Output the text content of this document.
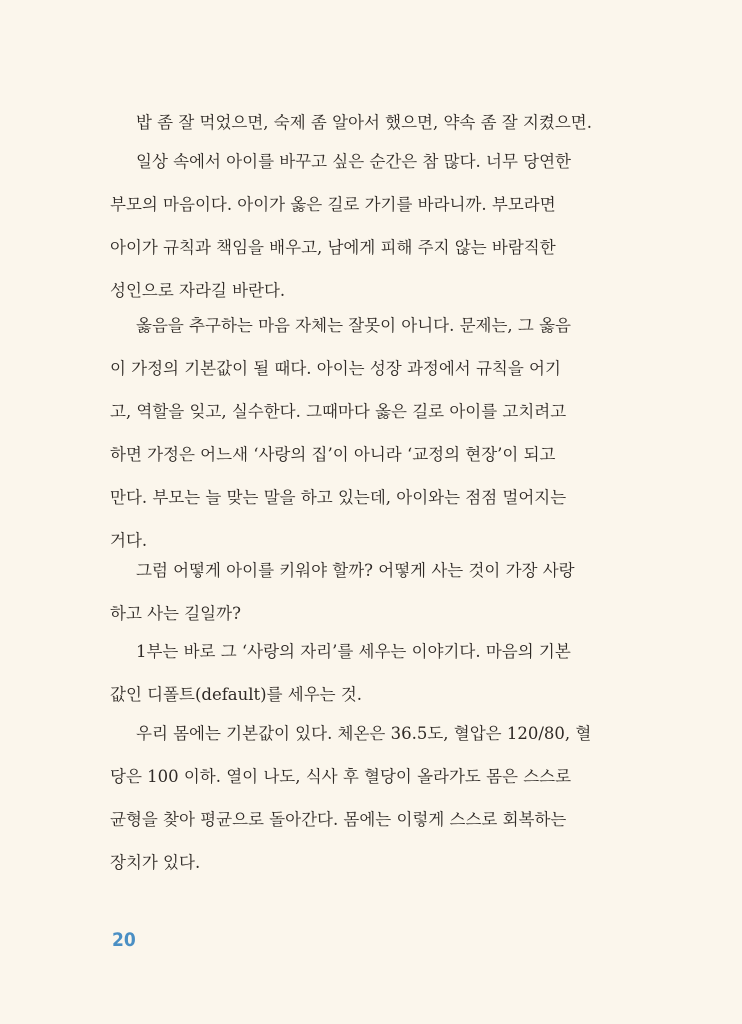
밥 좀 잘 먹었으면, 숙제 좀 알아서 했으면, 약속 좀 잘 지켰으면.
일상 속에서 아이를 바꾸고 싶은 순간은 참 많다. 너무 당연한
부모의 마음이다. 아이가 옳은 길로 가기를 바라니까. 부모라면
아이가 규칙과 책임을 배우고, 남에게 피해 주지 않는 바람직한
성인으로 자라길 바란다.
옳음을 추구하는 마음 자체는 잘못이 아니다. 문제는, 그 옳음
이 가정의 기본값이 될 때다. 아이는 성장 과정에서 규칙을 어기
고, 역할을 잊고, 실수한다. 그때마다 옳은 길로 아이를 고치려고
하면 가정은 어느새 ‘사랑의 집’이 아니라 ‘교정의 현장’이 되고
만다. 부모는 늘 맞는 말을 하고 있는데, 아이와는 점점 멀어지는
거다.
그럼 어떻게 아이를 키워야 할까? 어떻게 사는 것이 가장 사랑
하고 사는 길일까?
1부는 바로 그 ‘사랑의 자리’를 세우는 이야기다. 마음의 기본
값인 디폴트(default)를 세우는 것.
우리 몸에는 기본값이 있다. 체온은 36.5도, 혈압은 120/80, 혈
당은 100 이하. 열이 나도, 식사 후 혈당이 올라가도 몸은 스스로
균형을 찾아 평균으로 돌아간다. 몸에는 이렇게 스스로 회복하는
장치가 있다.
20
